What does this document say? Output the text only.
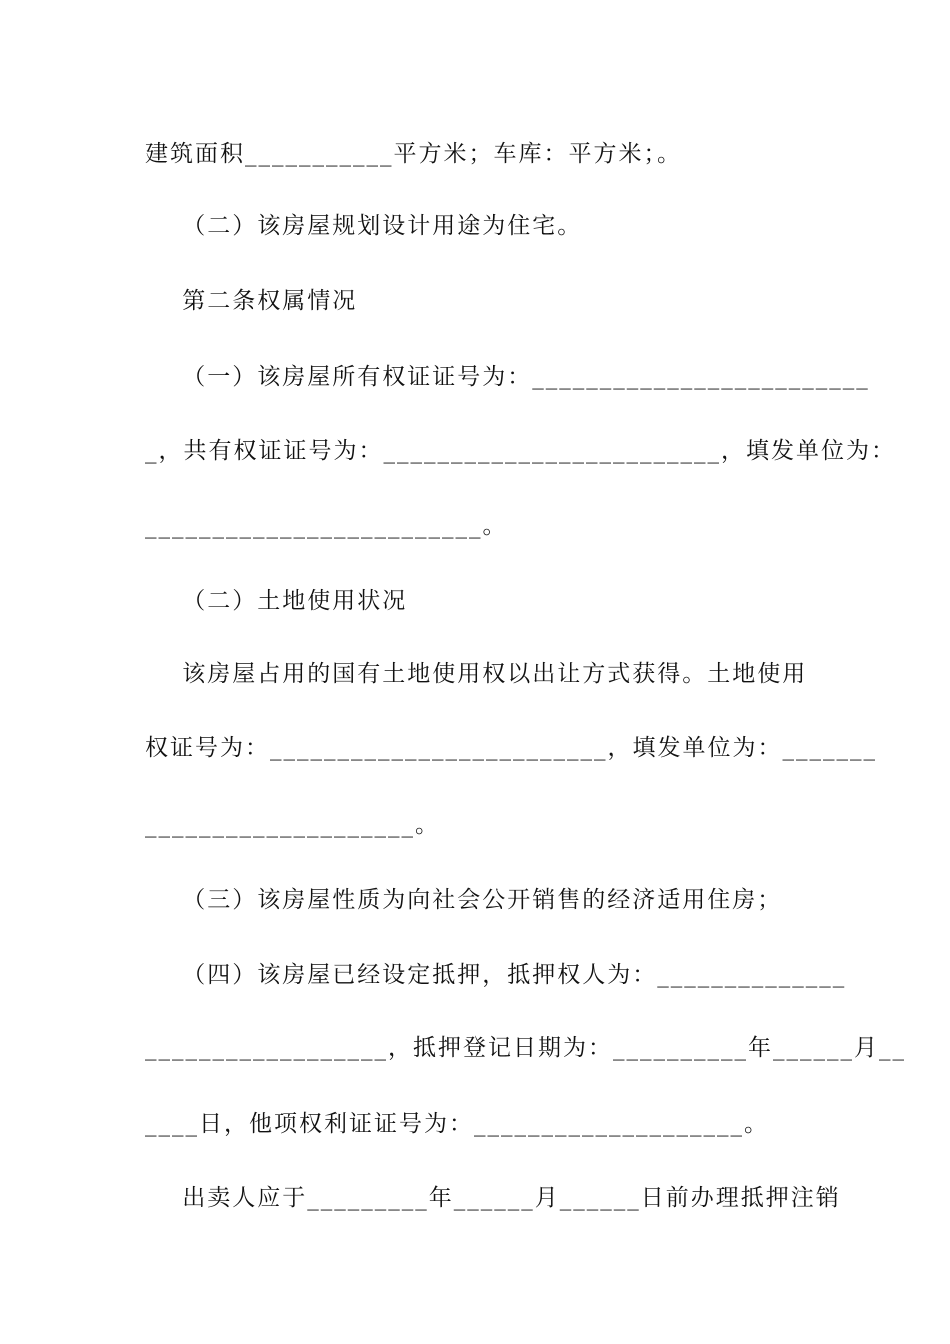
建筑面积___________平方米；车库：平方米；。
（二）该房屋规划设计用途为住宅。
第二条权属情况
（一）该房屋所有权证证号为：_________________________
_，共有权证证号为：_________________________，填发单位为：
_________________________。
（二）土地使用状况
该房屋占用的国有土地使用权以出让方式获得。土地使用
权证号为：_________________________，填发单位为：_______
____________________。
（三）该房屋性质为向社会公开销售的经济适用住房；
（四）该房屋已经设定抵押，抵押权人为：______________
__________________，抵押登记日期为：__________年______月__
____日，他项权利证证号为：____________________。
出卖人应于_________年______月______日前办理抵押注销
